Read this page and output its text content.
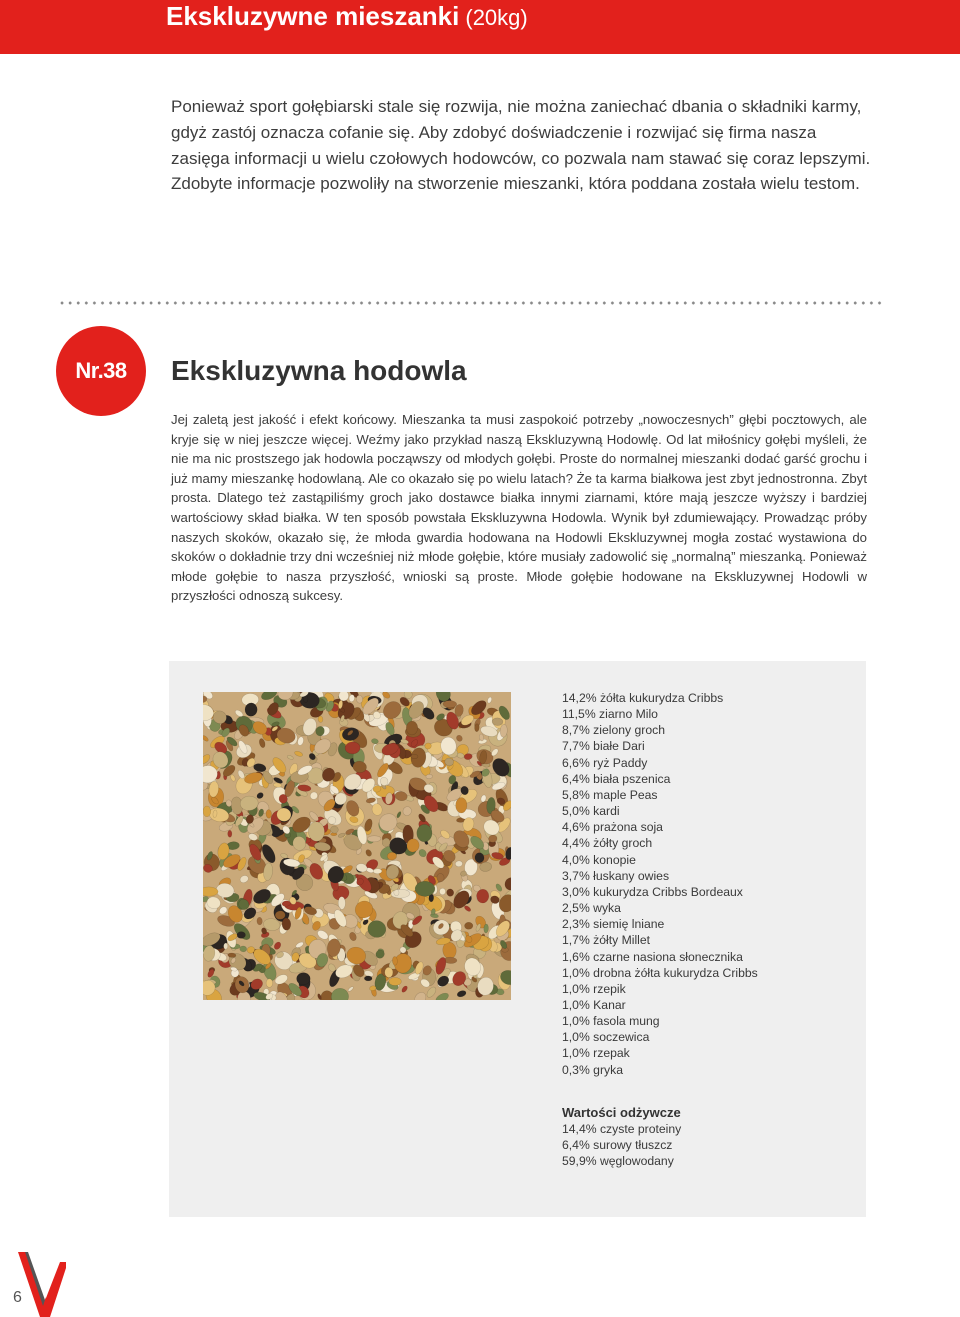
Ekskluzywne mieszanki (20kg)

Ponieważ sport gołębiarski stale się rozwija, nie można zaniechać dbania o składniki karmy, gdyż zastój oznacza cofanie się. Aby zdobyć doświadczenie i rozwijać się firma nasza zasięga informacji u wielu czołowych hodowców, co pozwala nam stawać się coraz lepszymi. Zdobyte informacje pozwoliły na stworzenie mieszanki, która poddana została wielu testom.

Nr.38	Ekskluzywna hodowla

Jej zaletą jest jakość i efekt końcowy. Mieszanka ta musi zaspokoić potrzeby „nowoczesnych” głębi pocztowych, ale kryje się w niej jeszcze więcej. Weźmy jako przykład naszą Ekskluzywną Hodowlę. Od lat miłośnicy gołębi myśleli, że nie ma nic prostszego jak hodowla począwszy od młodych gołębi. Proste do normalnej mieszanki dodać garść grochu i już mamy mieszankę hodowlaną. Ale co okazało się po wielu latach? Że ta karma białkowa jest zbyt jednostronna. Zbyt prosta. Dlatego też zastąpiliśmy groch jako dostawce białka innymi ziarnami, które mają jeszcze wyższy i bardziej wartościowy skład białka. W ten sposób powstała Ekskluzywna Hodowla. Wynik był zdumiewający. Prowadząc próby naszych skoków, okazało się, że młoda gwardia hodowana na Hodowli Ekskluzywnej mogła zostać wystawiona do skoków o dokładnie trzy dni wcześniej niż młode gołębie, które musiały zadowolić się „normalną” mieszanką. Ponieważ młode gołębie to nasza przyszłość, wnioski są proste. Młode gołębie hodowane na Ekskluzywnej Hodowli w przyszłości odnoszą sukcesy.

14,2% żółta kukurydza Cribbs
11,5% ziarno Milo
8,7% zielony groch
7,7% białe Dari
6,6% ryż Paddy
6,4% biała pszenica
5,8% maple Peas
5,0% kardi
4,6% prażona soja
4,4% żółty groch
4,0% konopie
3,7% łuskany owies
3,0% kukurydza Cribbs Bordeaux
2,5% wyka
2,3% siemię lniane
1,7% żółty Millet
1,6% czarne nasiona słonecznika
1,0% drobna żółta kukurydza Cribbs
1,0% rzepik
1,0% Kanar
1,0% fasola mung
1,0% soczewica
1,0% rzepak
0,3% gryka
Wartości odżywcze
14,4% czyste proteiny
6,4% surowy tłuszcz
59,9% węglowodany
6
